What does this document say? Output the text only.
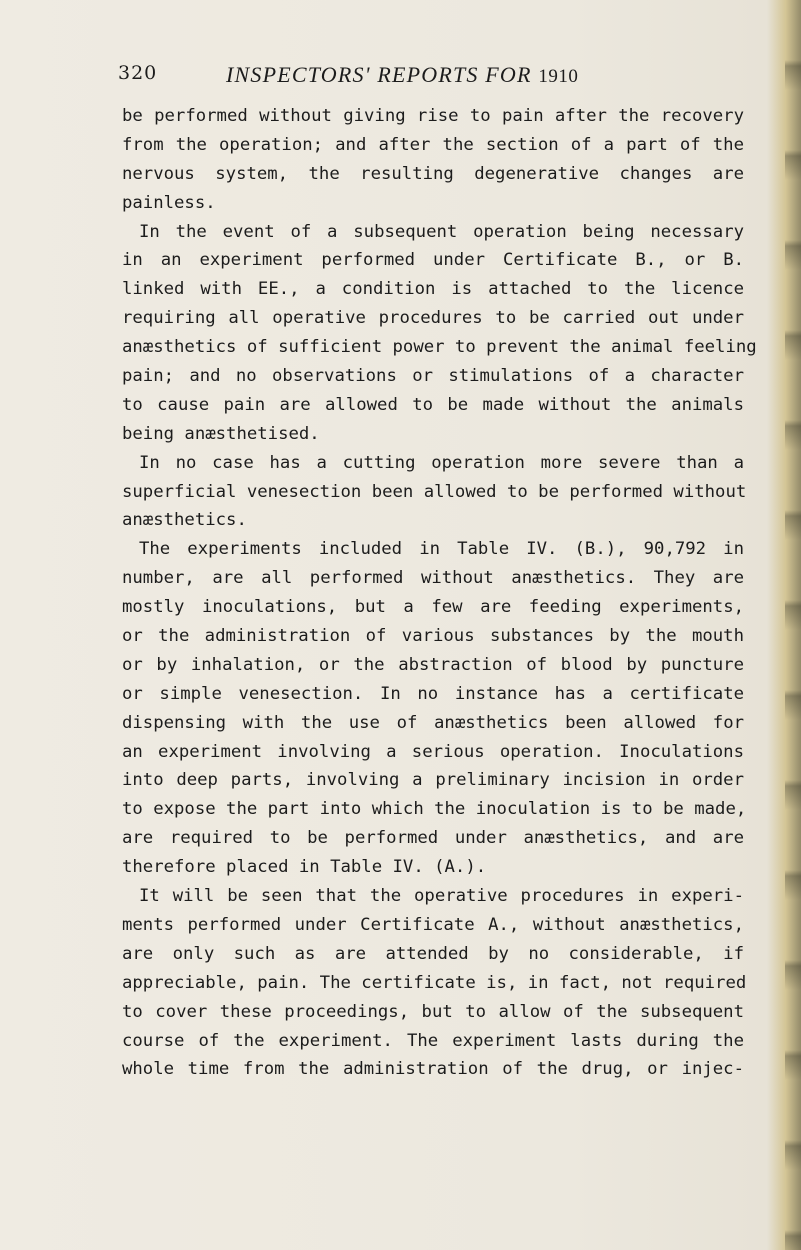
320	INSPECTORS' REPORTS FOR 1910
be performed without giving rise to pain after the recovery
from the operation; and after the section of a part of the
nervous system, the resulting degenerative changes are
painless.
In the event of a subsequent operation being necessary
in an experiment performed under Certificate B., or B.
linked with EE., a condition is attached to the licence
requiring all operative procedures to be carried out under
anæsthetics of sufficient power to prevent the animal feeling
pain; and no observations or stimulations of a character
to cause pain are allowed to be made without the animals
being anæsthetised.
In no case has a cutting operation more severe than a
superficial venesection been allowed to be performed without
anæsthetics.
The experiments included in Table IV. (B.), 90,792 in
number, are all performed without anæsthetics. They are
mostly inoculations, but a few are feeding experiments,
or the administration of various substances by the mouth
or by inhalation, or the abstraction of blood by puncture
or simple venesection. In no instance has a certificate
dispensing with the use of anæsthetics been allowed for
an experiment involving a serious operation. Inoculations
into deep parts, involving a preliminary incision in order
to expose the part into which the inoculation is to be made,
are required to be performed under anæsthetics, and are
therefore placed in Table IV. (A.).
It will be seen that the operative procedures in experi-
ments performed under Certificate A., without anæsthetics,
are only such as are attended by no considerable, if
appreciable, pain. The certificate is, in fact, not required
to cover these proceedings, but to allow of the subsequent
course of the experiment. The experiment lasts during the
whole time from the administration of the drug, or injec-
